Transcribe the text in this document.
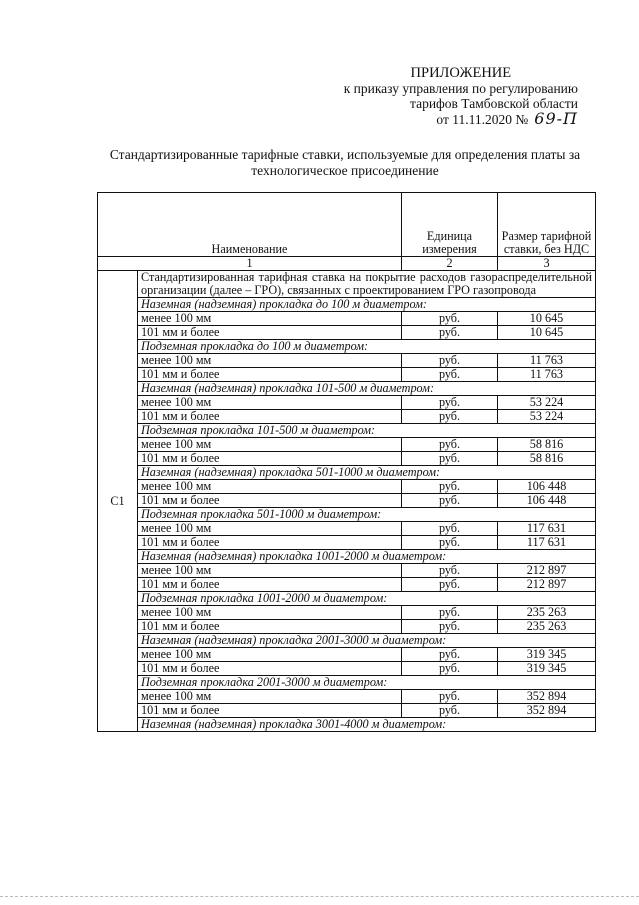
ПРИЛОЖЕНИЕ
к приказу управления по регулированию
тарифов Тамбовской области
от 11.11.2020 № 69-П
Стандартизированные тарифные ставки, используемые для определения платы за технологическое присоединение
Наименование		Единица измерения	Размер тарифной ставки, без НДС
1		2	3
С1	Стандартизированная тарифная ставка на покрытие расходов газораспределительной организации (далее – ГРО), связанных с проектированием ГРО газопровода		
	Наземная (надземная) прокладка до 100 м диаметром:		
	менее 100 мм	руб.	10 645
	101 мм и более	руб.	10 645
	Подземная прокладка до 100 м диаметром:		
	менее 100 мм	руб.	11 763
	101 мм и более	руб.	11 763
	Наземная (надземная) прокладка 101-500 м диаметром:		
	менее 100 мм	руб.	53 224
	101 мм и более	руб.	53 224
	Подземная прокладка 101-500 м диаметром:		
	менее 100 мм	руб.	58 816
	101 мм и более	руб.	58 816
	Наземная (надземная) прокладка 501-1000 м диаметром:		
	менее 100 мм	руб.	106 448
	101 мм и более	руб.	106 448
	Подземная прокладка 501-1000 м диаметром:		
	менее 100 мм	руб.	117 631
	101 мм и более	руб.	117 631
	Наземная (надземная) прокладка 1001-2000 м диаметром:		
	менее 100 мм	руб.	212 897
	101 мм и более	руб.	212 897
	Подземная прокладка 1001-2000 м диаметром:		
	менее 100 мм	руб.	235 263
	101 мм и более	руб.	235 263
	Наземная (надземная) прокладка 2001-3000 м диаметром:		
	менее 100 мм	руб.	319 345
	101 мм и более	руб.	319 345
	Подземная прокладка 2001-3000 м диаметром:		
	менее 100 мм	руб.	352 894
	101 мм и более	руб.	352 894
	Наземная (надземная) прокладка 3001-4000 м диаметром:		
